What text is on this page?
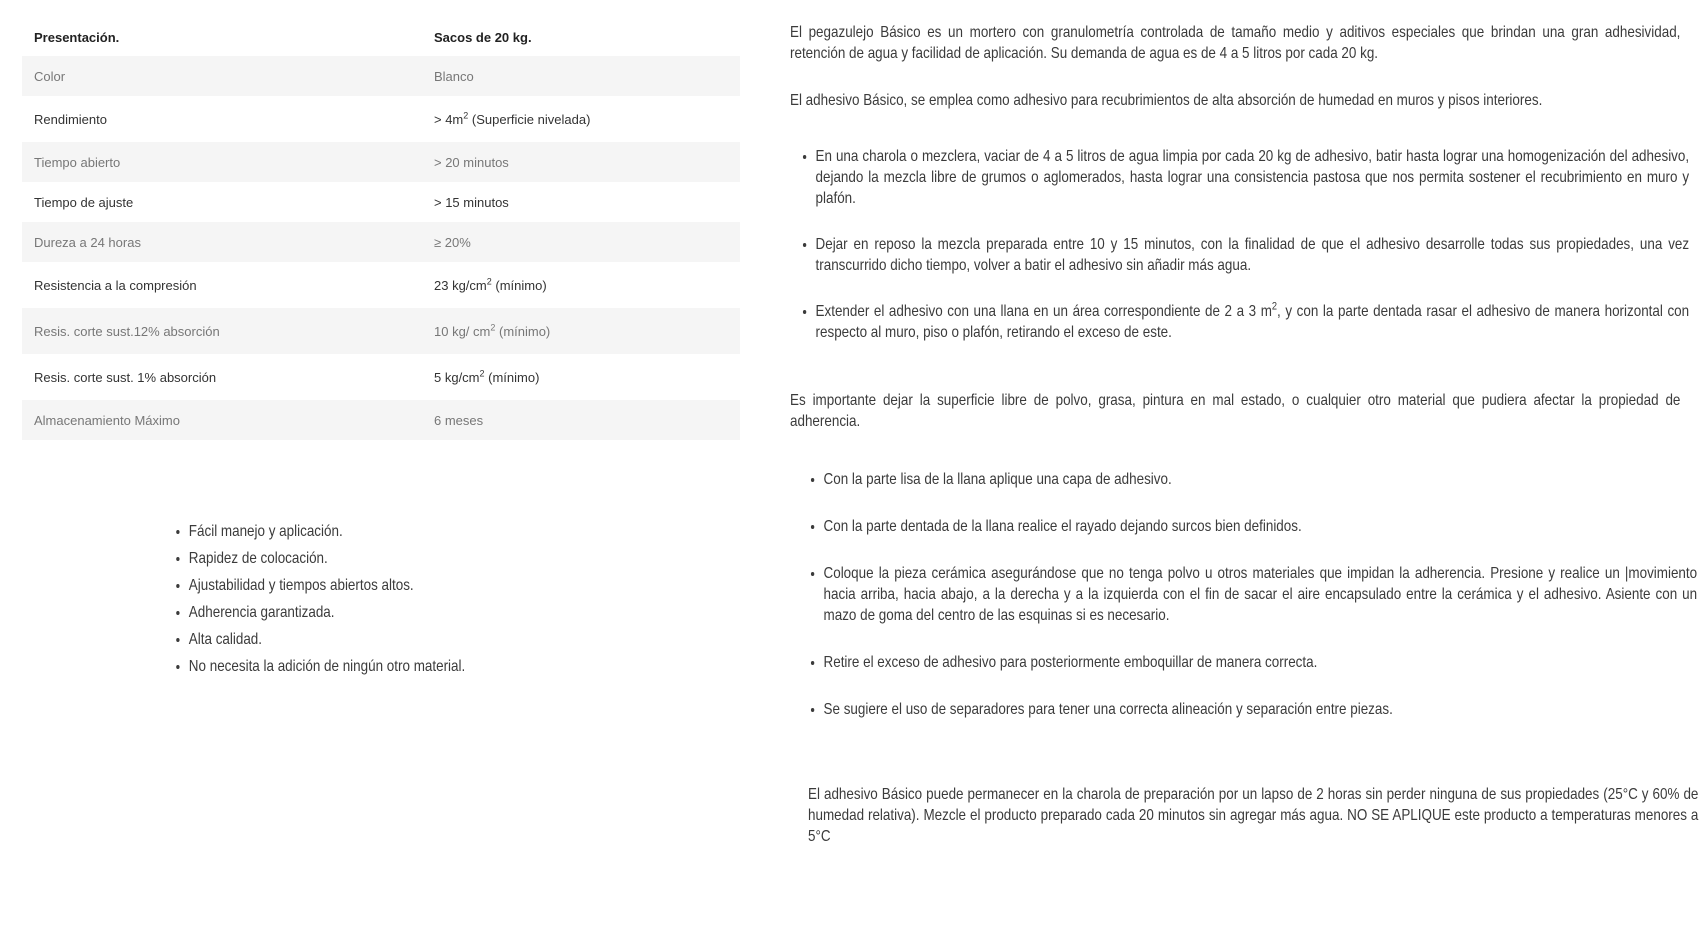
Presentación.	Sacos de 20 kg.
Color	Blanco
Rendimiento	> $4m^2$ (Superficie nivelada)
Tiempo abierto	> 20 minutos
Tiempo de ajuste	> 15 minutos
Dureza a 24 horas	≥ 20%
Resistencia a la compresión	23 $kg/cm^2$ (mínimo)
Resis. corte sust.12% absorción	10 kg/ $cm^2$ (mínimo)
Resis. corte sust. 1% absorción	5 $kg/cm^2$ (mínimo)
Almacenamiento Máximo	6 meses
• Fácil manejo y aplicación.
• Rapidez de colocación.
• Ajustabilidad y tiempos abiertos altos.
• Adherencia garantizada.
• Alta calidad.
• No necesita la adición de ningún otro material.

El pegazulejo Básico es un mortero con granulometría controlada de tamaño medio y aditivos especiales que brindan una gran adhesividad, retención de agua y facilidad de aplicación. Su demanda de agua es de 4 a 5 litros por cada 20 kg.

El adhesivo Básico, se emplea como adhesivo para recubrimientos de alta absorción de humedad en muros y pisos interiores.

• En una charola o mezclera, vaciar de 4 a 5 litros de agua limpia por cada 20 kg de adhesivo, batir hasta lograr una homogenización del adhesivo, dejando la mezcla libre de grumos o aglomerados, hasta lograr una consistencia pastosa que nos permita sostener el recubrimiento en muro y plafón.
• Dejar en reposo la mezcla preparada entre 10 y 15 minutos, con la finalidad de que el adhesivo desarrolle todas sus propiedades, una vez transcurrido dicho tiempo, volver a batir el adhesivo sin añadir más agua.
• Extender el adhesivo con una llana en un área correspondiente de 2 a 3 $m^2$, y con la parte dentada rasar el adhesivo de manera horizontal con respecto al muro, piso o plafón, retirando el exceso de este.

Es importante dejar la superficie libre de polvo, grasa, pintura en mal estado, o cualquier otro material que pudiera afectar la propiedad de adherencia.

• Con la parte lisa de la llana aplique una capa de adhesivo.
• Con la parte dentada de la llana realice el rayado dejando surcos bien definidos.
• Coloque la pieza cerámica asegurándose que no tenga polvo u otros materiales que impidan la adherencia. Presione y realice un |movimiento hacia arriba, hacia abajo, a la derecha y a la izquierda con el fin de sacar el aire encapsulado entre la cerámica y el adhesivo. Asiente con un mazo de goma del centro de las esquinas si es necesario.
• Retire el exceso de adhesivo para posteriormente emboquillar de manera correcta.
• Se sugiere el uso de separadores para tener una correcta alineación y separación entre piezas.

El adhesivo Básico puede permanecer en la charola de preparación por un lapso de 2 horas sin perder ninguna de sus propiedades (25°C y 60% de humedad relativa). Mezcle el producto preparado cada 20 minutos sin agregar más agua. NO SE APLIQUE este producto a temperaturas menores a 5°C
